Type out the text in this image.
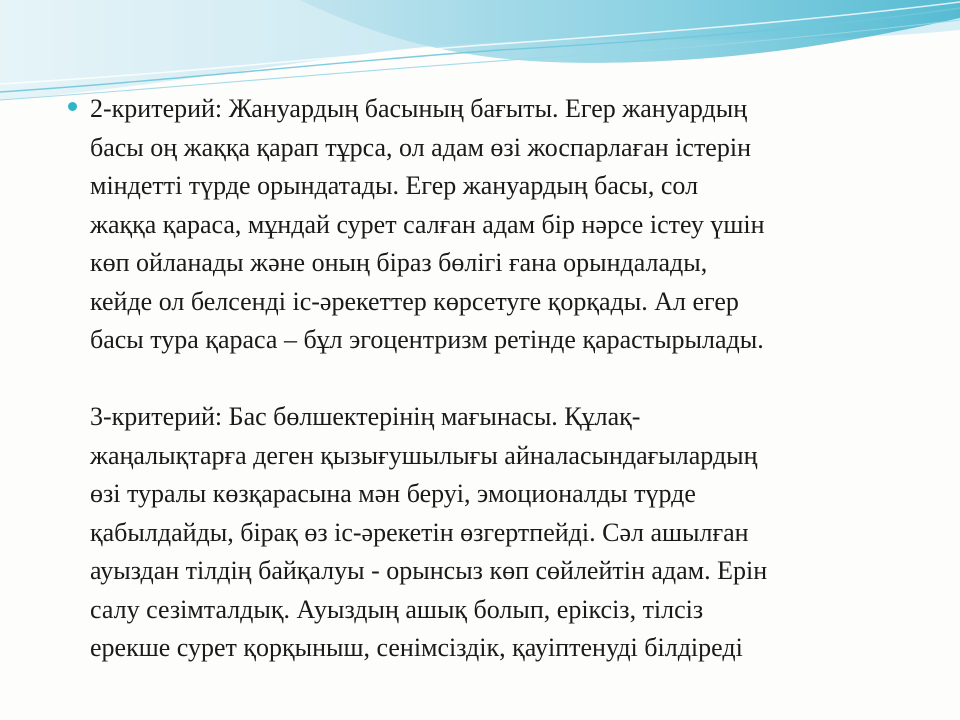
2-критерий: Жануардың басының бағыты. Егер жануардың
басы оң жаққа қарап тұрса, ол адам өзі жоспарлаған істерін
міндетті түрде орындатады. Егер жануардың басы, сол
жаққа қараса, мұндай сурет салған адам бір нәрсе істеу үшін
көп ойланады және оның біраз бөлігі ғана орындалады,
кейде ол белсенді іс-әрекеттер көрсетуге қорқады. Ал егер
басы тура қараса – бұл эгоцентризм ретінде қарастырылады.

3-критерий: Бас бөлшектерінің мағынасы. Құлақ-
жаңалықтарға деген қызығушылығы айналасындағылардың
өзі туралы көзқарасына мән беруі, эмоционалды түрде
қабылдайды, бірақ өз іс-әрекетін өзгертпейді. Сәл ашылған
ауыздан тілдің байқалуы - орынсыз көп сөйлейтін адам. Ерін
салу сезімталдық. Ауыздың ашық болып, еріксіз, тілсіз
ерекше сурет қорқыныш, сенімсіздік, қауіптенуді білдіреді
